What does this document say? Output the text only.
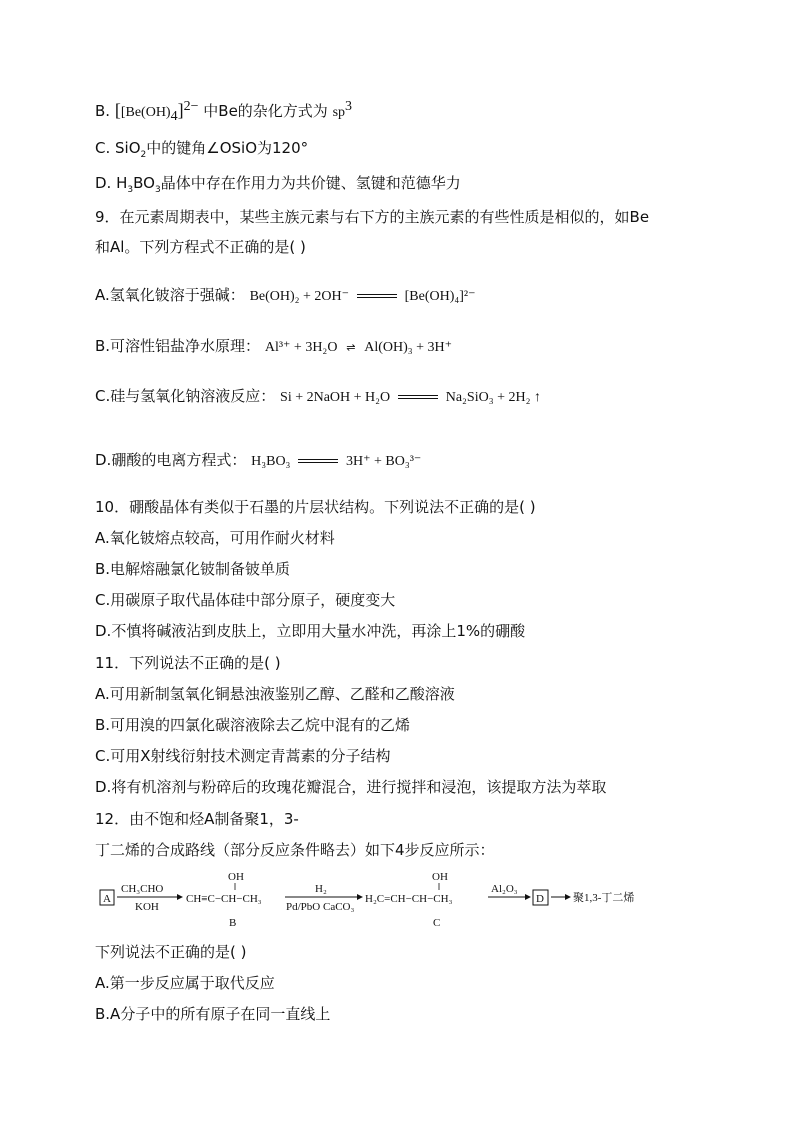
B. [$[Be(OH)_4]^{2-}$ 中Be的杂化方式为 $sp^3$
C. SiO$_2$中的键角∠OSiO为120°
D. $H_3BO_3$晶体中存在作用力为共价键、氢键和范德华力
9．在元素周期表中，某些主族元素与右下方的主族元素的有些性质是相似的，如Be
和Al。下列方程式不正确的是( )
A.氢氧化铍溶于强碱： Be(OH)₂ + 2OH⁻	[Be(OH)₄]²⁻
B.可溶性铝盐净水原理： Al³⁺ + 3H₂O ⇌ Al(OH)₃ + 3H⁺
C.硅与氢氧化钠溶液反应： Si + 2NaOH + H₂O	Na₂SiO₃ + 2H₂ ↑
D.硼酸的电离方程式： H₃BO₃	3H⁺ + BO₃³⁻
10．硼酸晶体有类似于石墨的片层状结构。下列说法不正确的是( )
A.氧化铍熔点较高，可用作耐火材料
B.电解熔融氯化铍制备铍单质
C.用碳原子取代晶体硅中部分原子，硬度变大
D.不慎将碱液沾到皮肤上，立即用大量水冲洗，再涂上1%的硼酸
11．下列说法不正确的是( )
A.可用新制氢氧化铜悬浊液鉴别乙醇、乙醛和乙酸溶液
B.可用溴的四氯化碳溶液除去乙烷中混有的乙烯
C.可用X射线衍射技术测定青蒿素的分子结构
D.将有机溶剂与粉碎后的玫瑰花瓣混合，进行搅拌和浸泡，该提取方法为萃取
12．由不饱和烃A制备聚1，3-
丁二烯的合成路线（部分反应条件略去）如下4步反应所示：
A
CH₃CHO
KOH
OH
CH≡C−CH−CH₃
B
H₂
Pd/PbO CaCO₃
OH
H₂C=CH−CH−CH₃
C
Al₂O₃
D	聚1,3-丁二烯
下列说法不正确的是( )
A.第一步反应属于取代反应
B.A分子中的所有原子在同一直线上
